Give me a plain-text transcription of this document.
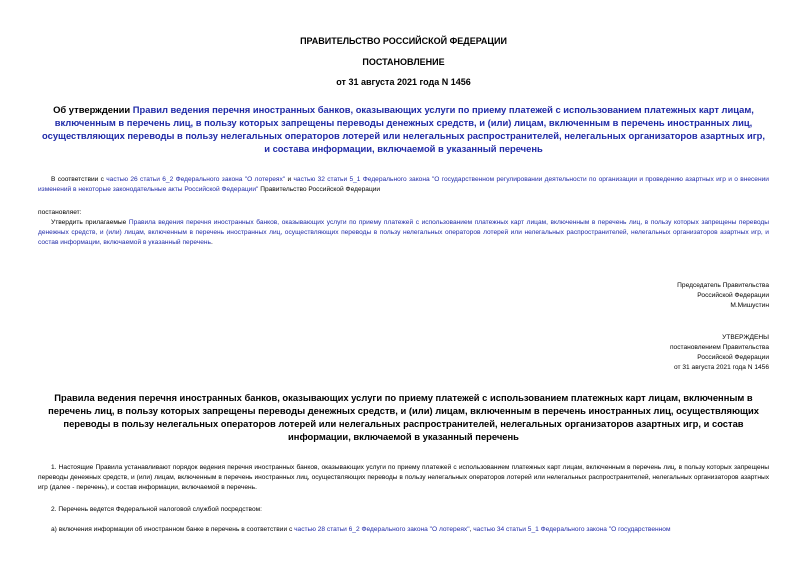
ПРАВИТЕЛЬСТВО РОССИЙСКОЙ ФЕДЕРАЦИИ
ПОСТАНОВЛЕНИЕ
от 31 августа 2021 года N 1456
Об утверждении Правил ведения перечня иностранных банков, оказывающих услуги по приему платежей с использованием платежных карт лицам, включенным в перечень лиц, в пользу которых запрещены переводы денежных средств, и (или) лицам, включенным в перечень иностранных лиц, осуществляющих переводы в пользу нелегальных операторов лотерей или нелегальных распространителей, нелегальных организаторов азартных игр, и состава информации, включаемой в указанный перечень
В соответствии с частью 26 статьи 6_2 Федерального закона "О лотереях" и частью 32 статьи 5_1 Федерального закона "О государственном регулировании деятельности по организации и проведению азартных игр и о внесении изменений в некоторые законодательные акты Российской Федерации" Правительство Российской Федерации
постановляет:
Утвердить прилагаемые Правила ведения перечня иностранных банков, оказывающих услуги по приему платежей с использованием платежных карт лицам, включенным в перечень лиц, в пользу которых запрещены переводы денежных средств, и (или) лицам, включенным в перечень иностранных лиц, осуществляющих переводы в пользу нелегальных операторов лотерей или нелегальных распространителей, нелегальных организаторов азартных игр, и состав информации, включаемой в указанный перечень.
Председатель Правительства
Российской Федерации
М.Мишустин
УТВЕРЖДЕНЫ
постановлением Правительства
Российской Федерации
от 31 августа 2021 года N 1456
Правила ведения перечня иностранных банков, оказывающих услуги по приему платежей с использованием платежных карт лицам, включенным в перечень лиц, в пользу которых запрещены переводы денежных средств, и (или) лицам, включенным в перечень иностранных лиц, осуществляющих переводы в пользу нелегальных операторов лотерей или нелегальных распространителей, нелегальных организаторов азартных игр, и состав информации, включаемой в указанный перечень
1. Настоящие Правила устанавливают порядок ведения перечня иностранных банков, оказывающих услуги по приему платежей с использованием платежных карт лицам, включенным в перечень лиц, в пользу которых запрещены переводы денежных средств, и (или) лицам, включенным в перечень иностранных лиц, осуществляющих переводы в пользу нелегальных операторов лотерей или нелегальных распространителей, нелегальных организаторов азартных игр (далее - перечень), и состав информации, включаемой в перечень.
2. Перечень ведется Федеральной налоговой службой посредством:
а) включения информации об иностранном банке в перечень в соответствии с частью 28 статьи 6_2 Федерального закона "О лотереях", частью 34 статьи 5_1 Федерального закона "О государственном
